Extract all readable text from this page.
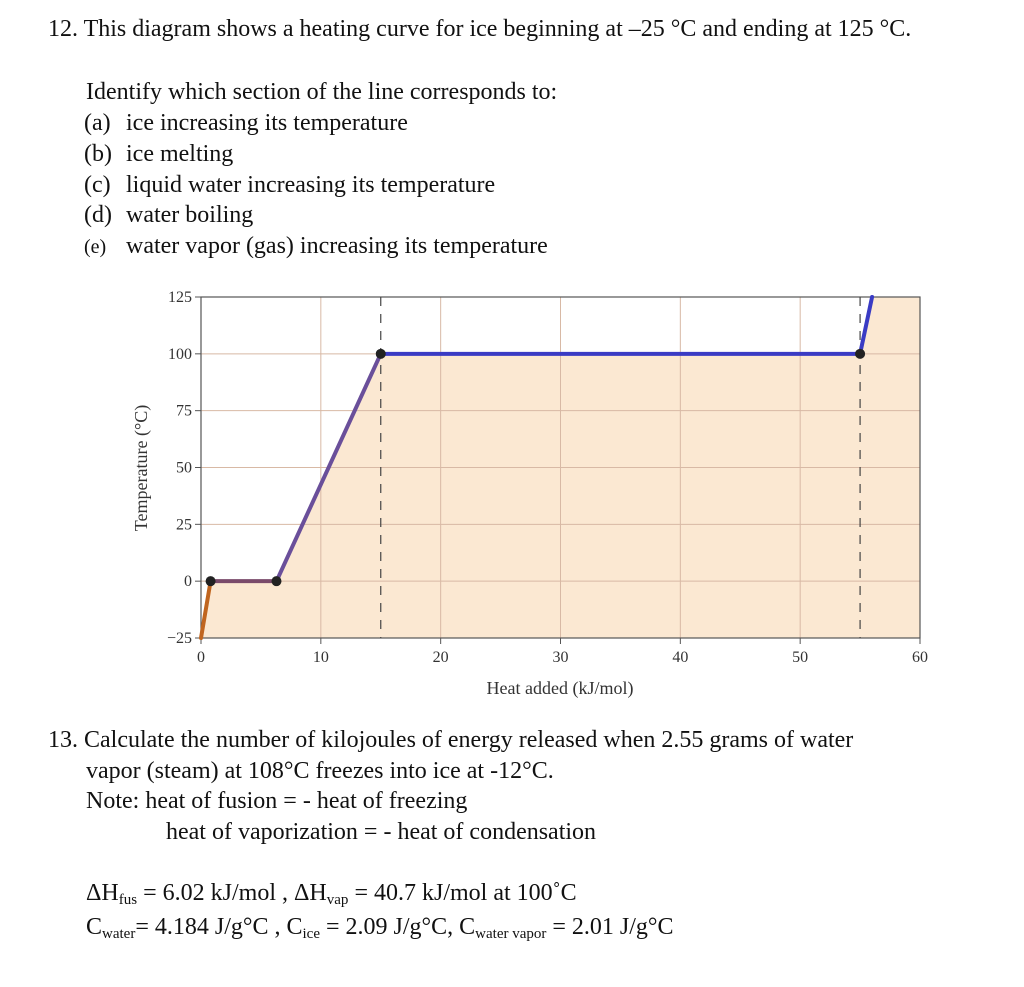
12. This diagram shows a heating curve for ice beginning at –25 °C and ending at 125 °C.
Identify which section of the line corresponds to:
(a) ice increasing its temperature
(b) ice melting
(c) liquid water increasing its temperature
(d) water boiling
(e) water vapor (gas) increasing its temperature
0	10	20	30	40	50	60
−25
0
25
50
75
100
125
Heat added (kJ/mol)
Temperature (°C)
13. Calculate the number of kilojoules of energy released when 2.55 grams of water
vapor (steam) at 108°C freezes into ice at -12°C.
Note: heat of fusion = - heat of freezing
heat of vaporization = - heat of condensation
$\Delta H_{fus} = 6.02$ kJ/mol , $\Delta H_{vap} = 40.7$ kJ/mol at 100˚C
$C_{water}= 4.184$ J/g°C , $C_{ice} = 2.09$ J/g°C, $C_{water vapor} = 2.01$ J/g°C
